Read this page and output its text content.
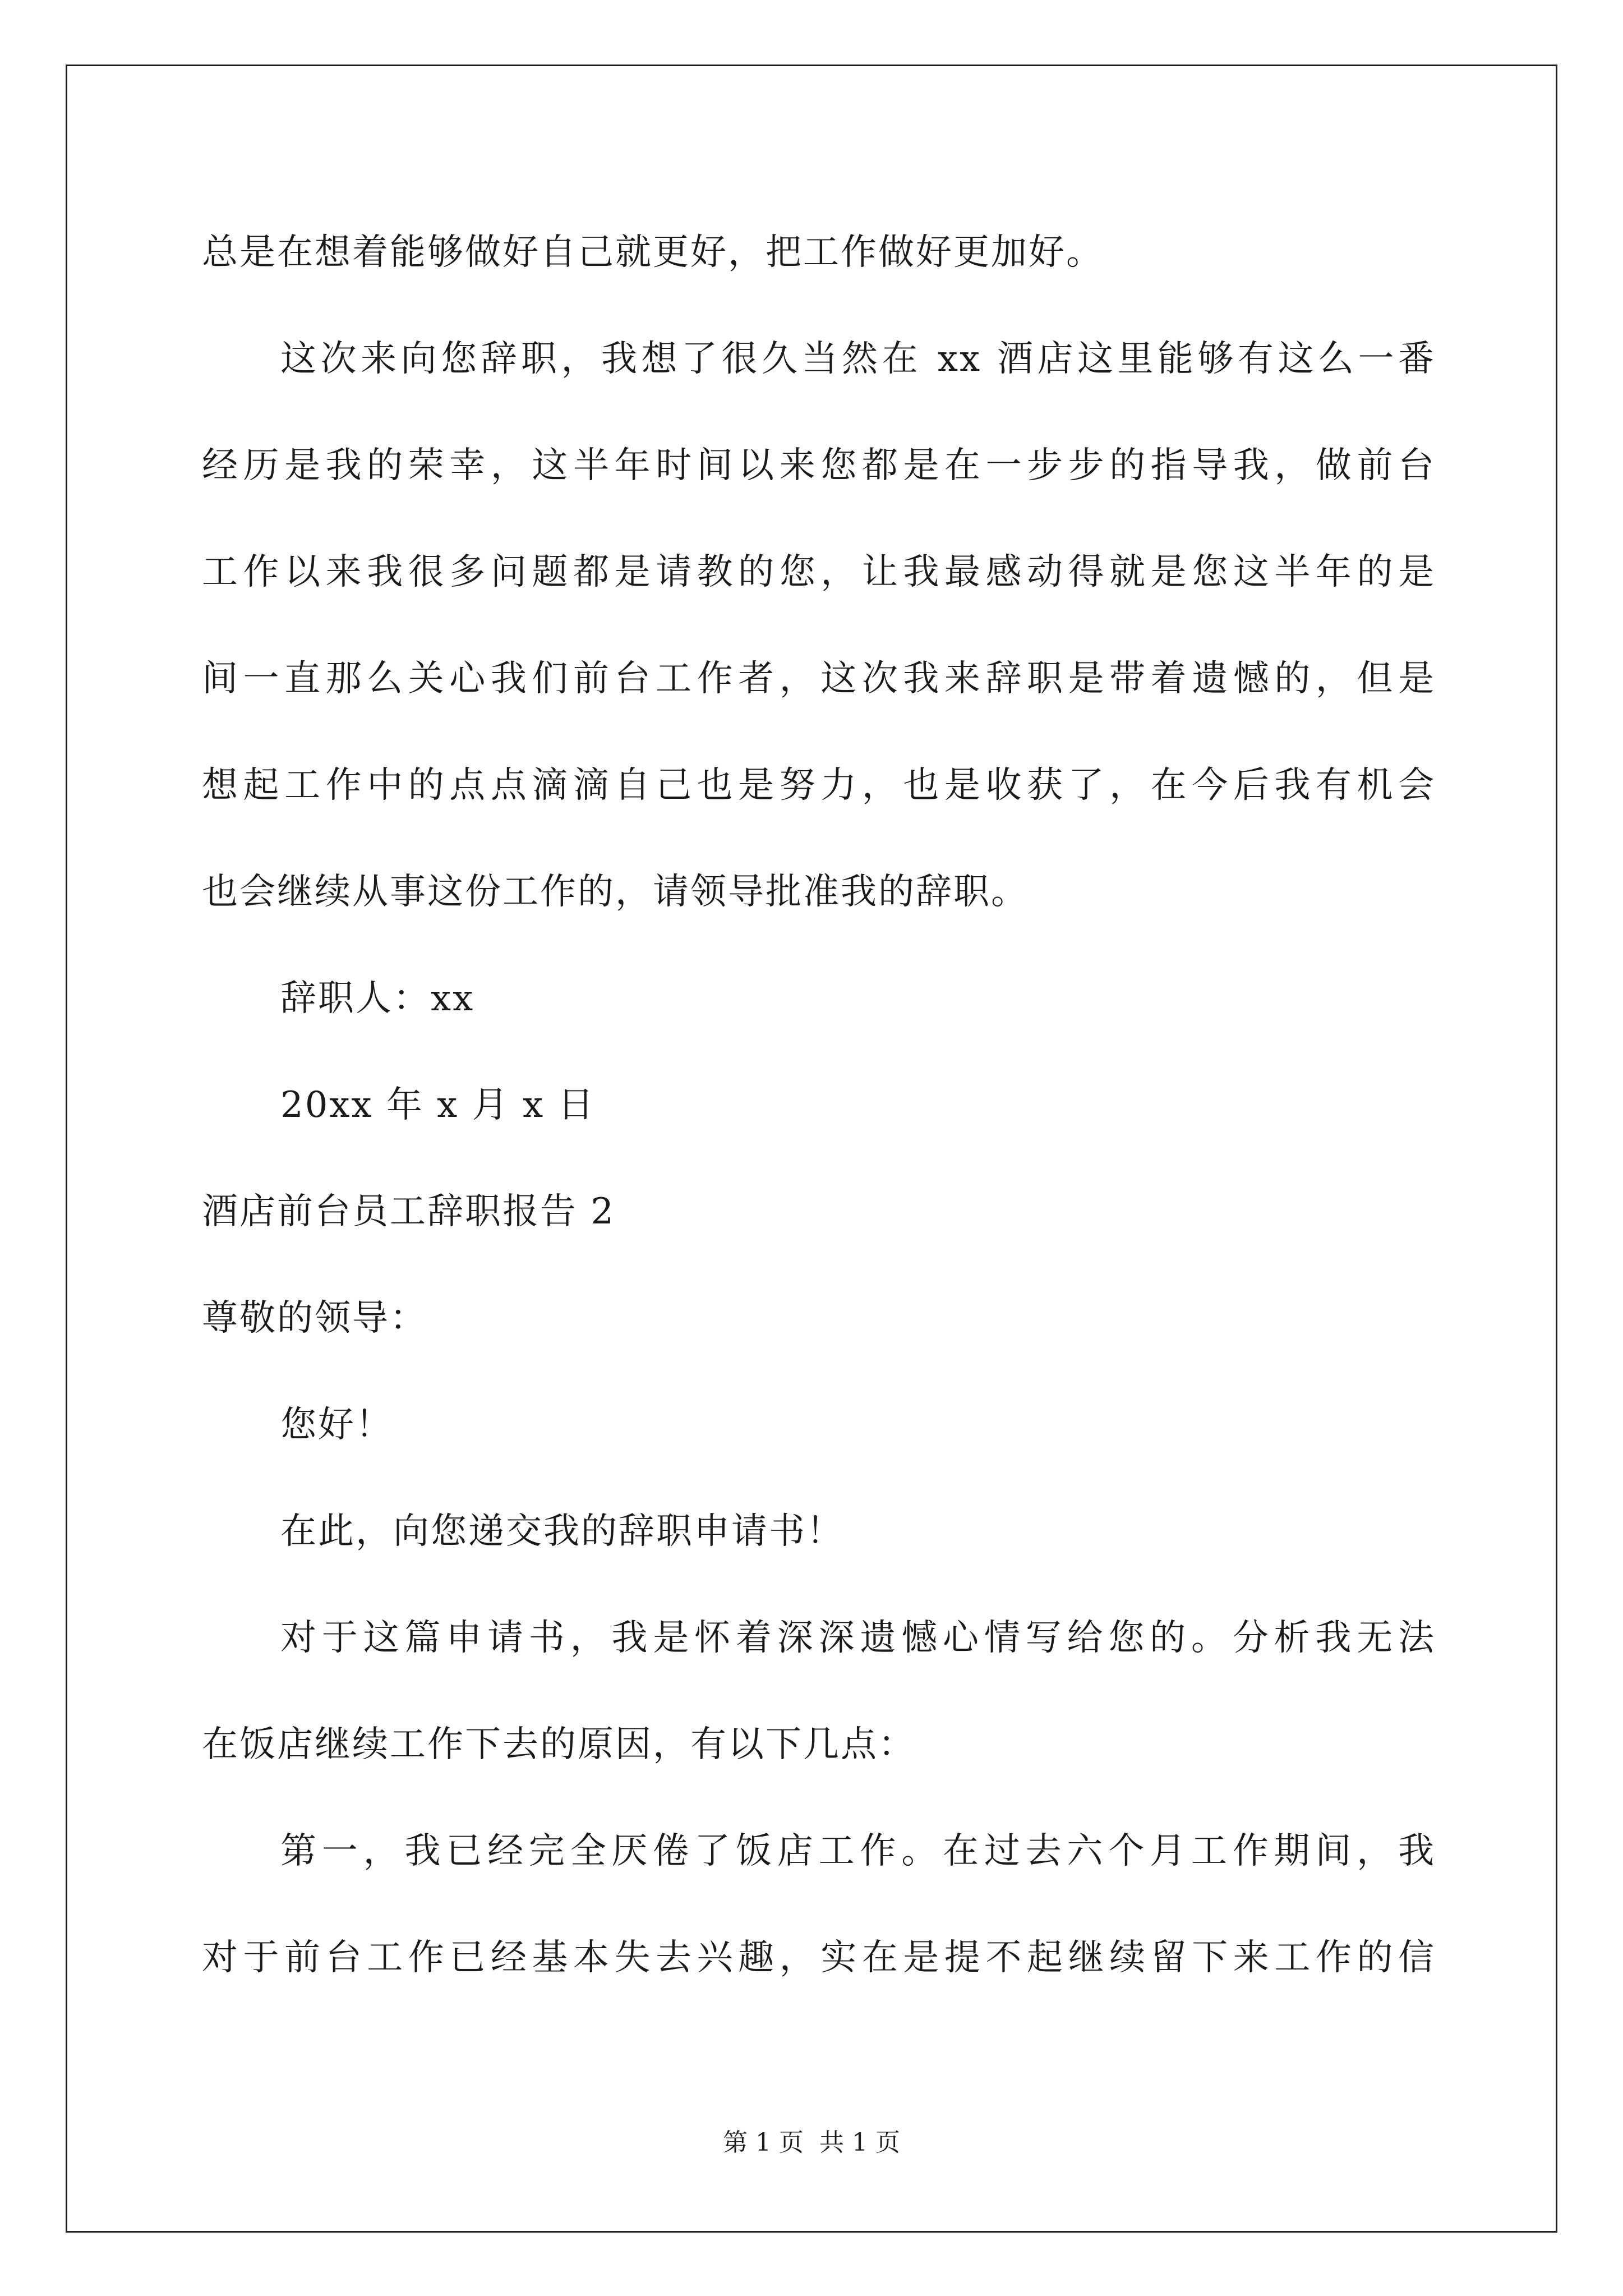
总是在想着能够做好自己就更好，把工作做好更加好。
这次来向您辞职，我想了很久当然在 xx 酒店这里能够有这么一番
经历是我的荣幸，这半年时间以来您都是在一步步的指导我，做前台
工作以来我很多问题都是请教的您，让我最感动得就是您这半年的是
间一直那么关心我们前台工作者，这次我来辞职是带着遗憾的，但是
想起工作中的点点滴滴自己也是努力，也是收获了，在今后我有机会
也会继续从事这份工作的，请领导批准我的辞职。
辞职人：xx
20xx 年 x 月 x 日
酒店前台员工辞职报告 2
尊敬的领导：
您好！
在此，向您递交我的辞职申请书！
对于这篇申请书，我是怀着深深遗憾心情写给您的。分析我无法
在饭店继续工作下去的原因，有以下几点：
第一，我已经完全厌倦了饭店工作。在过去六个月工作期间，我
对于前台工作已经基本失去兴趣，实在是提不起继续留下来工作的信
第 1 页 共 1 页
